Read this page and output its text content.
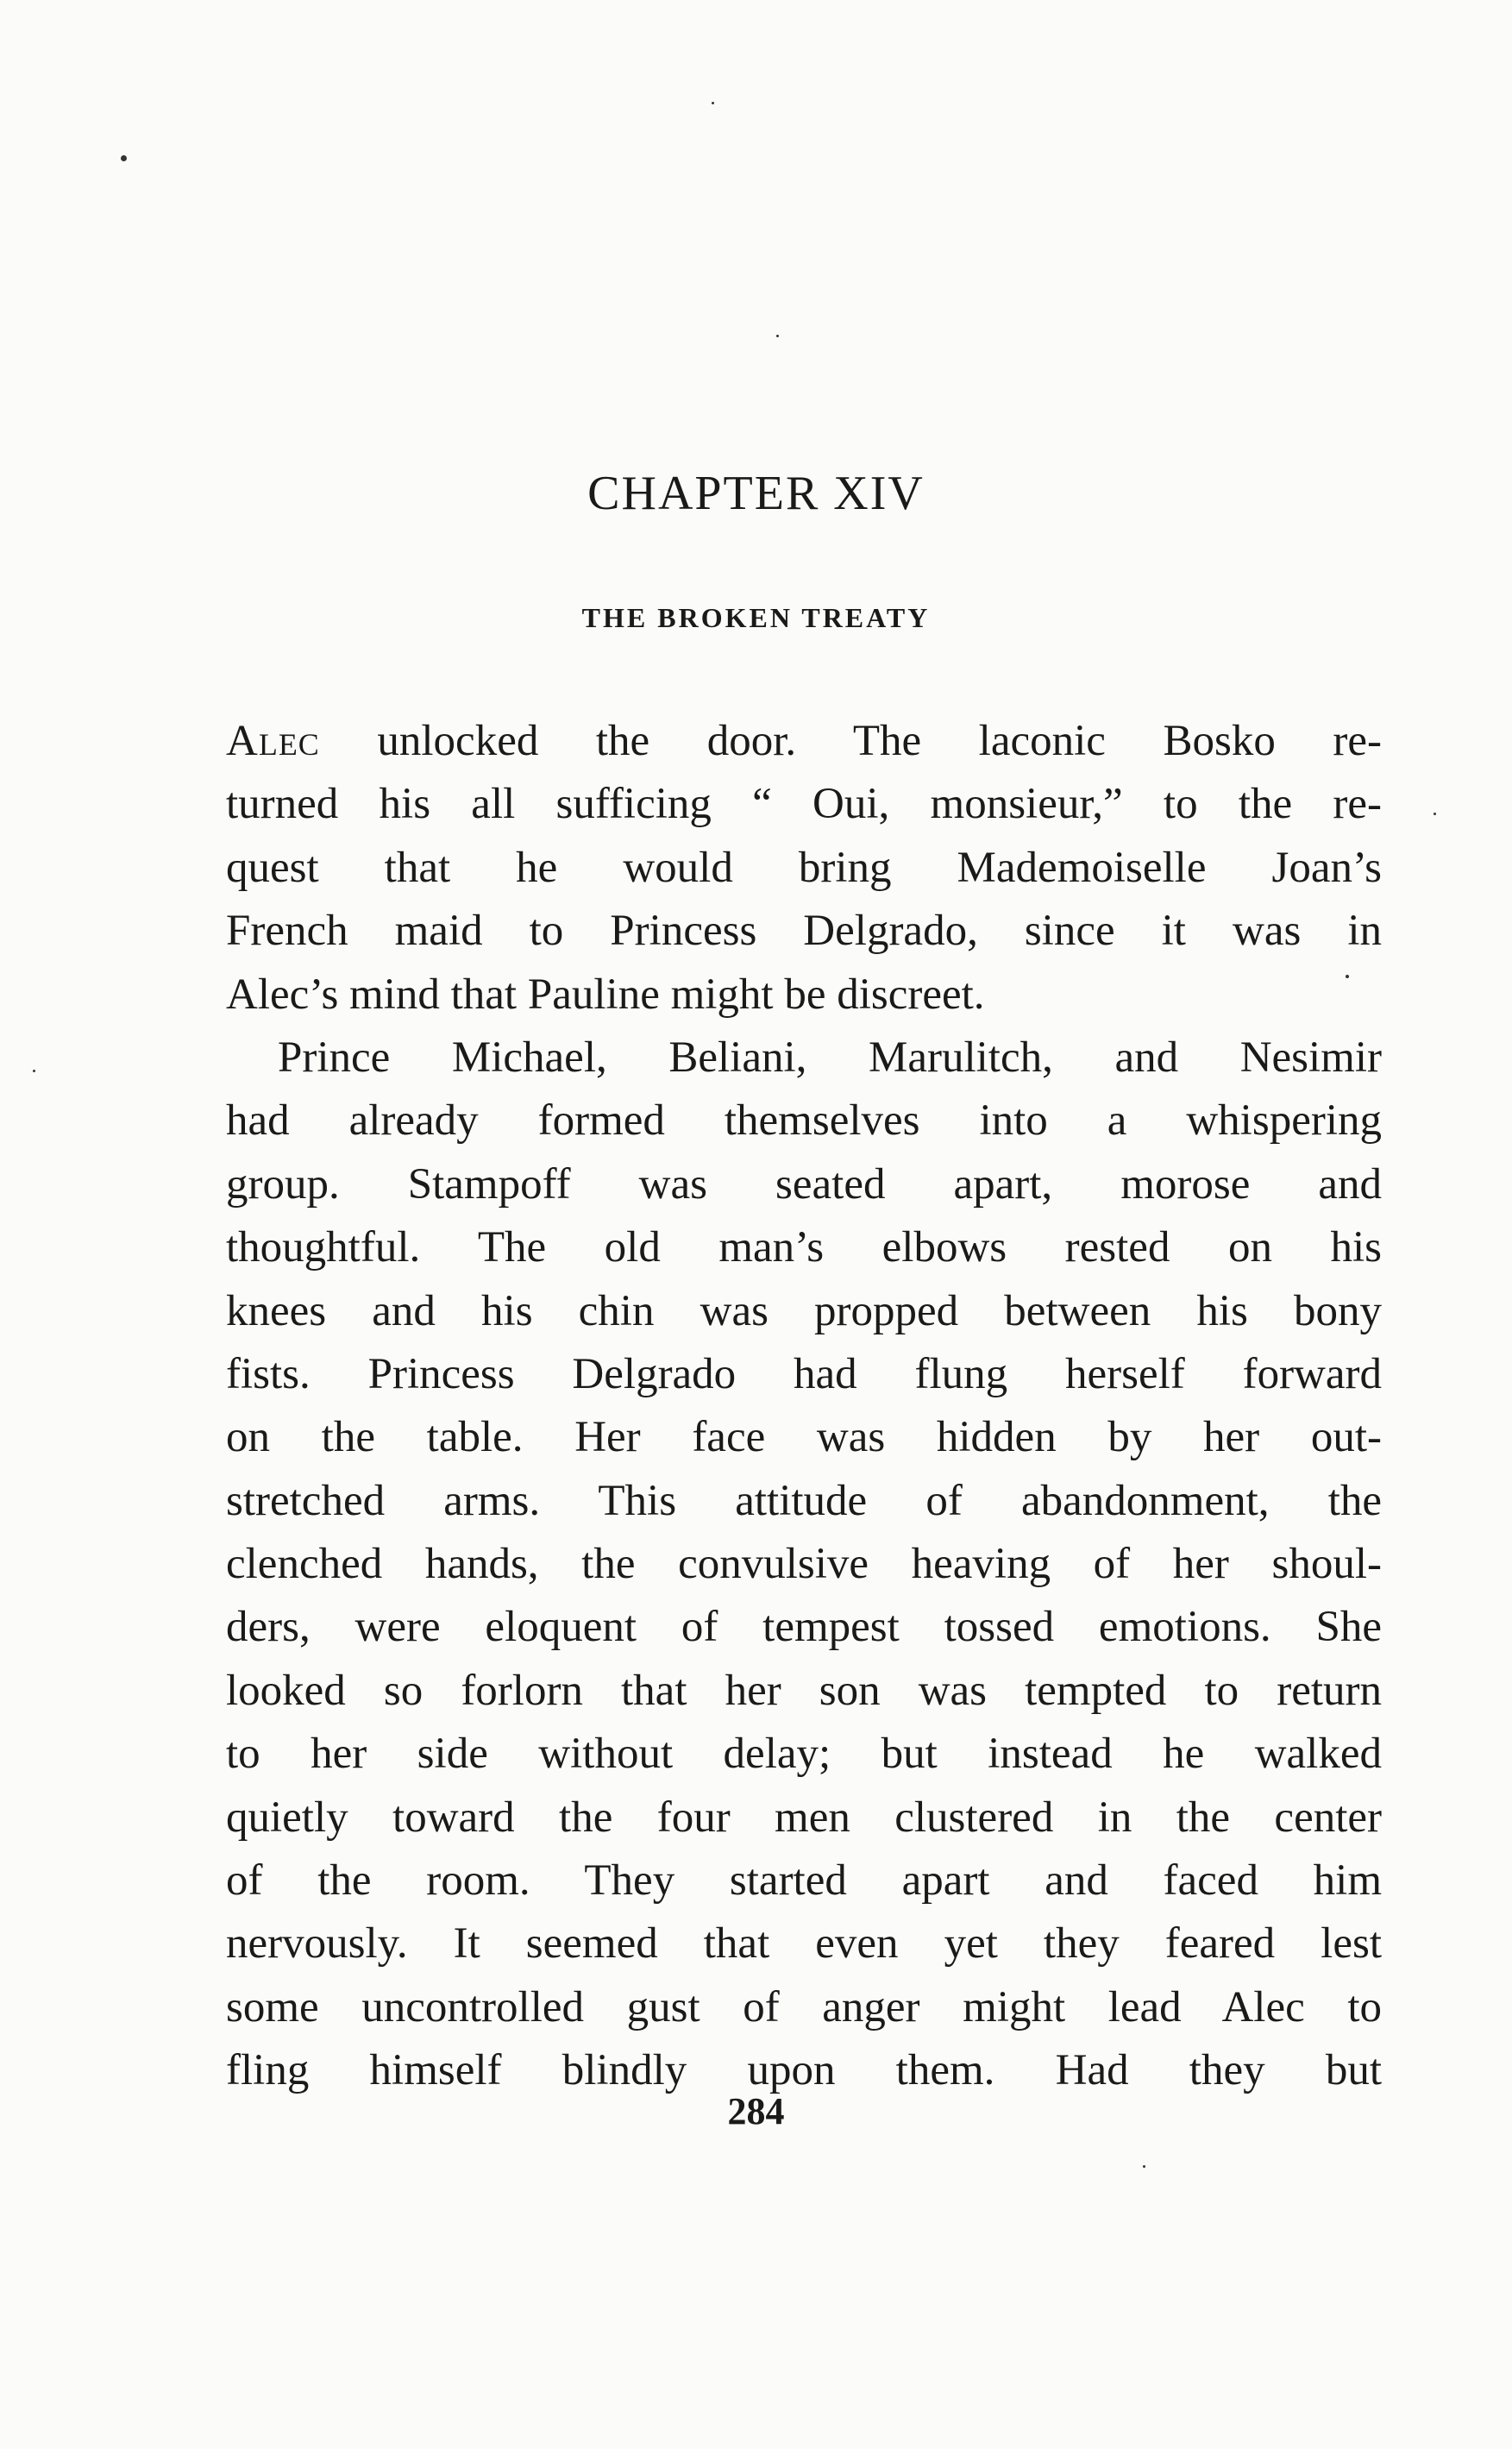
CHAPTER XIV
THE BROKEN TREATY
Alec unlocked the door. The laconic Bosko re-
turned his all sufficing “ Oui, monsieur,” to the re-
quest that he would bring Mademoiselle Joan’s
French maid to Princess Delgrado, since it was in
Alec’s mind that Pauline might be discreet.
Prince Michael, Beliani, Marulitch, and Nesimir
had already formed themselves into a whispering
group. Stampoff was seated apart, morose and
thoughtful. The old man’s elbows rested on his
knees and his chin was propped between his bony
fists. Princess Delgrado had flung herself forward
on the table. Her face was hidden by her out-
stretched arms. This attitude of abandonment, the
clenched hands, the convulsive heaving of her shoul-
ders, were eloquent of tempest tossed emotions. She
looked so forlorn that her son was tempted to return
to her side without delay; but instead he walked
quietly toward the four men clustered in the center
of the room. They started apart and faced him
nervously. It seemed that even yet they feared lest
some uncontrolled gust of anger might lead Alec to
fling himself blindly upon them. Had they but
284
